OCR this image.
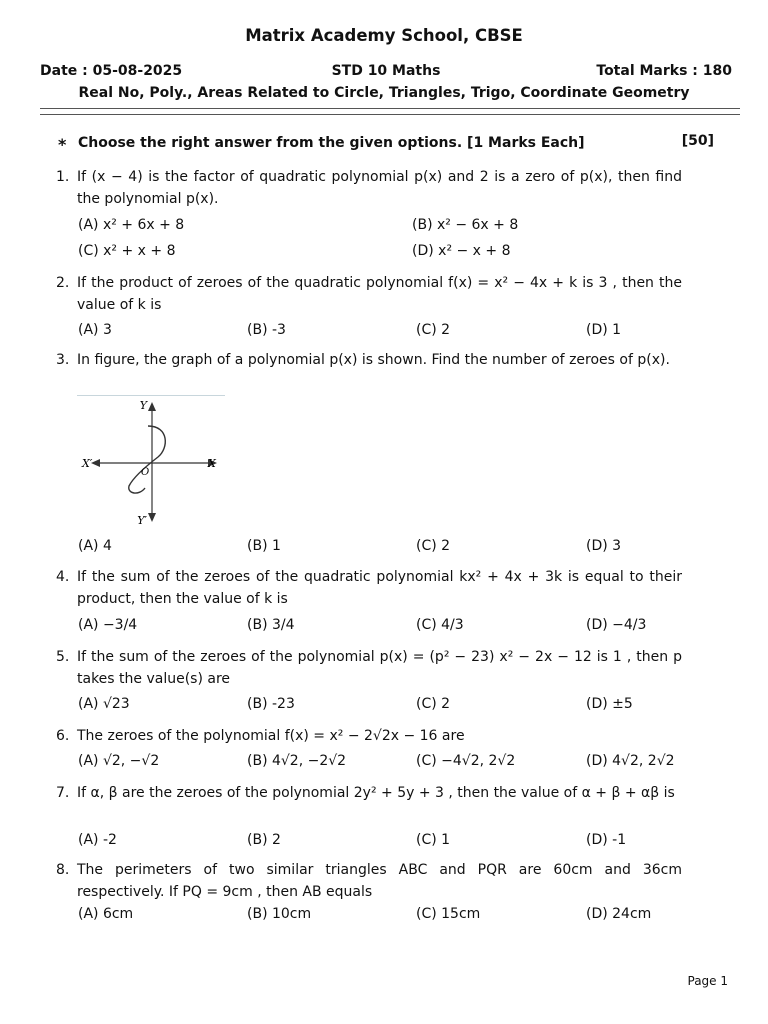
Matrix Academy School, CBSE
STD 10 Maths
Date : 05-08-2025	Total Marks : 180
Real No, Poly., Areas Related to Circle, Triangles, Trigo, Coordinate Geometry
* Choose the right answer from the given options. [1 Marks Each]	[50]
1. If (x − 4) is the factor of quadratic polynomial p(x) and 2 is a zero of p(x), then find the polynomial p(x).
(A) x² + 6x + 8	(B) x² − 6x + 8
(C) x² + x + 8	(D) x² − x + 8
2. If the product of zeroes of the quadratic polynomial f(x) = x² − 4x + k is 3 , then the value of k is
(A) 3	(B) -3	(C) 2	(D) 1
3. In figure, the graph of a polynomial p(x) is shown. Find the number of zeroes of p(x).
Y
Y′
X
X′
O
(A) 4	(B) 1	(C) 2	(D) 3
4. If the sum of the zeroes of the quadratic polynomial kx² + 4x + 3k is equal to their product, then the value of k is
(A) −3/4	(B) 3/4	(C) 4/3	(D) −4/3
5. If the sum of the zeroes of the polynomial p(x) = (p² − 23) x² − 2x − 12 is 1 , then p takes the value(s) are
(A) √23	(B) -23	(C) 2	(D) ±5
6. The zeroes of the polynomial f(x) = x² − 2√2x − 16 are
(A) √2, −√2	(B) 4√2, −2√2	(C) −4√2, 2√2	(D) 4√2, 2√2
7. If α, β are the zeroes of the polynomial 2y² + 5y + 3 , then the value of α + β + αβ is
(A) -2	(B) 2	(C) 1	(D) -1
8. The perimeters of two similar triangles ABC and PQR are 60cm and 36cm respectively. If PQ = 9cm , then AB equals
(A) 6cm	(B) 10cm	(C) 15cm	(D) 24cm
Page 1
